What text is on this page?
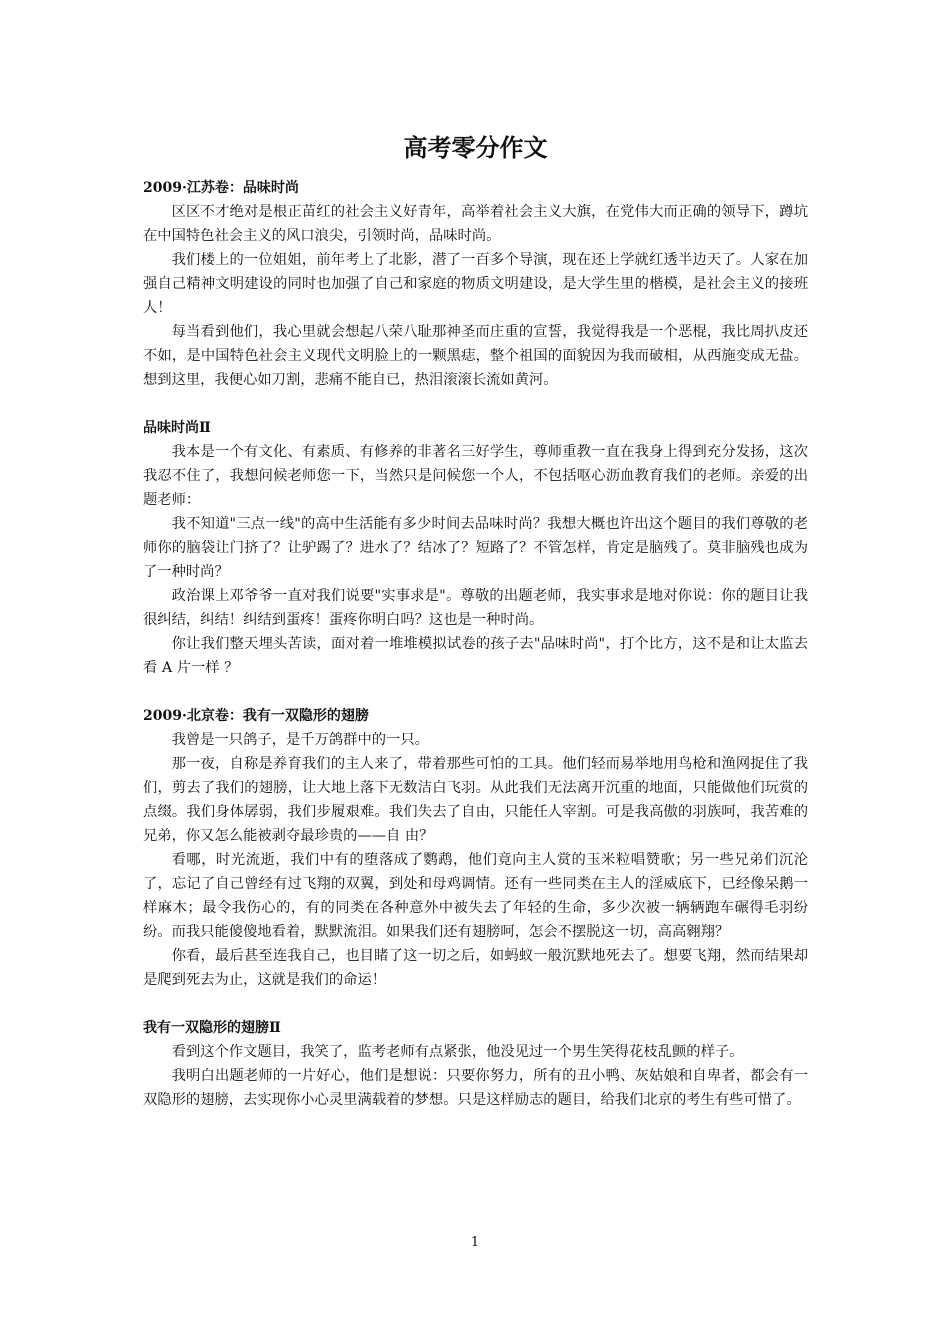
高考零分作文

2009·江苏卷：品味时尚

区区不才绝对是根正苗红的社会主义好青年，高举着社会主义大旗，在党伟大而正确的领导下，蹲坑在中国特色社会主义的风口浪尖，引领时尚，品味时尚。

我们楼上的一位姐姐，前年考上了北影，潜了一百多个导演，现在还上学就红透半边天了。人家在加强自己精神文明建设的同时也加强了自己和家庭的物质文明建设，是大学生里的楷模，是社会主义的接班人！

每当看到他们，我心里就会想起八荣八耻那神圣而庄重的宣誓，我觉得我是一个恶棍，我比周扒皮还不如，是中国特色社会主义现代文明脸上的一颗黑痣，整个祖国的面貌因为我而破相，从西施变成无盐。想到这里，我便心如刀割，悲痛不能自已，热泪滚滚长流如黄河。

品味时尚Ⅱ

我本是一个有文化、有素质、有修养的非著名三好学生，尊师重教一直在我身上得到充分发扬，这次我忍不住了，我想问候老师您一下，当然只是问候您一个人，不包括呕心沥血教育我们的老师。亲爱的出题老师：

我不知道"三点一线"的高中生活能有多少时间去品味时尚？我想大概也许出这个题目的我们尊敬的老师你的脑袋让门挤了？让驴踢了？进水了？结冰了？短路了？不管怎样，肯定是脑残了。莫非脑残也成为了一种时尚？

政治课上邓爷爷一直对我们说要"实事求是"。尊敬的出题老师，我实事求是地对你说：你的题目让我很纠结，纠结！纠结到蛋疼！蛋疼你明白吗？这也是一种时尚。

你让我们整天埋头苦读，面对着一堆堆模拟试卷的孩子去"品味时尚"，打个比方，这不是和让太监去看 A 片一样 ？

2009·北京卷：我有一双隐形的翅膀

我曾是一只鸽子，是千万鸽群中的一只。

那一夜，自称是养育我们的主人来了，带着那些可怕的工具。他们轻而易举地用鸟枪和渔网捉住了我们，剪去了我们的翅膀，让大地上落下无数洁白飞羽。从此我们无法离开沉重的地面，只能做他们玩赏的点缀。我们身体孱弱，我们步履艰难。我们失去了自由，只能任人宰割。可是我高傲的羽族呵，我苦难的兄弟，你又怎么能被剥夺最珍贵的——自 由？

看哪，时光流逝，我们中有的堕落成了鹦鹉，他们竟向主人赏的玉米粒唱赞歌；另一些兄弟们沉沦了，忘记了自己曾经有过飞翔的双翼，到处和母鸡调情。还有一些同类在主人的淫威底下，已经像呆鹅一样麻木；最令我伤心的，有的同类在各种意外中被失去了年轻的生命，多少次被一辆辆跑车碾得毛羽纷纷。而我只能傻傻地看着，默默流泪。如果我们还有翅膀呵，怎会不摆脱这一切，高高翱翔？

你看，最后甚至连我自己，也目睹了这一切之后，如蚂蚁一般沉默地死去了。想要飞翔，然而结果却是爬到死去为止，这就是我们的命运！

我有一双隐形的翅膀Ⅱ

看到这个作文题目，我笑了，监考老师有点紧张，他没见过一个男生笑得花枝乱颤的样子。

我明白出题老师的一片好心，他们是想说：只要你努力，所有的丑小鸭、灰姑娘和自卑者，都会有一双隐形的翅膀，去实现你小心灵里满载着的梦想。只是这样励志的题目，给我们北京的考生有些可惜了。

1
